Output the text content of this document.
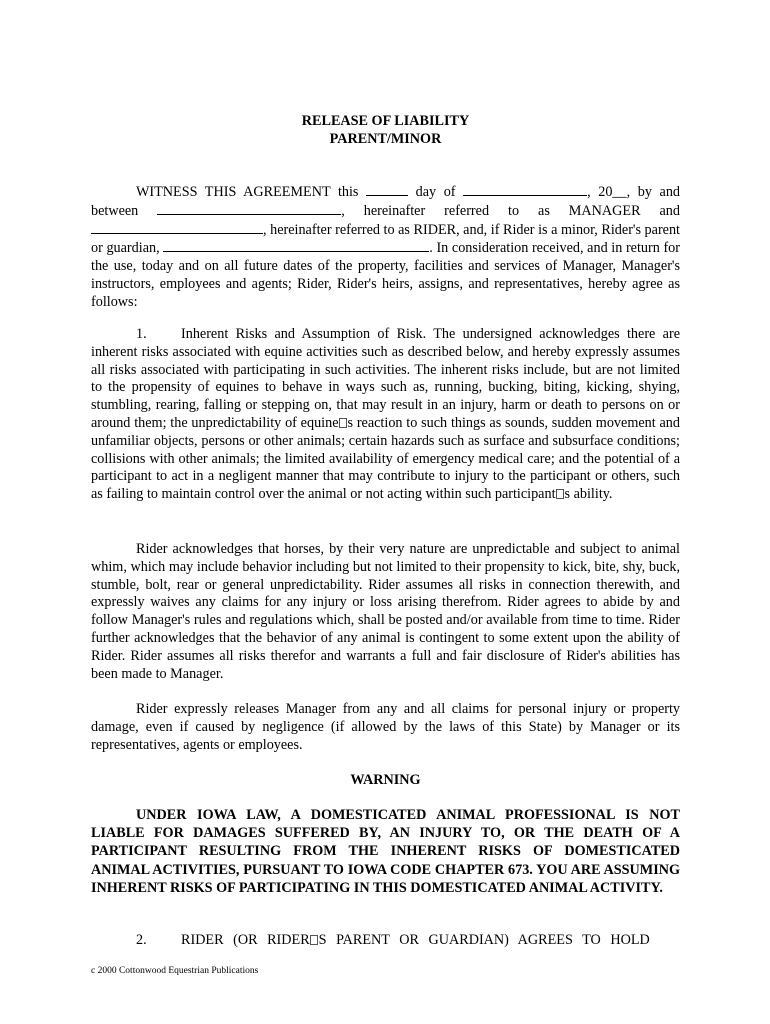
RELEASE OF LIABILITY
PARENT/MINOR

WITNESS THIS AGREEMENT this	day of	, 20__, by and between	, hereinafter referred to as MANAGER and , hereinafter referred to as RIDER, and, if Rider is a minor, Rider's parent or guardian,	. In consideration received, and in return for the use, today and on all future dates of the property, facilities and services of Manager, Manager's instructors, employees and agents; Rider, Rider's heirs, assigns, and representatives, hereby agree as follows:

1. Inherent Risks and Assumption of Risk. The undersigned acknowledges there are inherent risks associated with equine activities such as described below, and hereby expressly assumes all risks associated with participating in such activities. The inherent risks include, but are not limited to the propensity of equines to behave in ways such as, running, bucking, biting, kicking, shying, stumbling, rearing, falling or stepping on, that may result in an injury, harm or death to persons on or around them; the unpredictability of equine s reaction to such things as sounds, sudden movement and unfamiliar objects, persons or other animals; certain hazards such as surface and subsurface conditions; collisions with other animals; the limited availability of emergency medical care; and the potential of a participant to act in a negligent manner that may contribute to injury to the participant or others, such as failing to maintain control over the animal or not acting within such participant s ability.

Rider acknowledges that horses, by their very nature are unpredictable and subject to animal whim, which may include behavior including but not limited to their propensity to kick, bite, shy, buck, stumble, bolt, rear or general unpredictability. Rider assumes all risks in connection therewith, and expressly waives any claims for any injury or loss arising therefrom. Rider agrees to abide by and follow Manager's rules and regulations which, shall be posted and/or available from time to time. Rider further acknowledges that the behavior of any animal is contingent to some extent upon the ability of Rider. Rider assumes all risks therefor and warrants a full and fair disclosure of Rider's abilities has been made to Manager.

Rider expressly releases Manager from any and all claims for personal injury or property damage, even if caused by negligence (if allowed by the laws of this State) by Manager or its representatives, agents or employees.

WARNING

UNDER IOWA LAW, A DOMESTICATED ANIMAL PROFESSIONAL IS NOT LIABLE FOR DAMAGES SUFFERED BY, AN INJURY TO, OR THE DEATH OF A PARTICIPANT RESULTING FROM THE INHERENT RISKS OF DOMESTICATED ANIMAL ACTIVITIES, PURSUANT TO IOWA CODE CHAPTER 673. YOU ARE ASSUMING INHERENT RISKS OF PARTICIPATING IN THIS DOMESTICATED ANIMAL ACTIVITY.

2. RIDER (OR RIDER S PARENT OR GUARDIAN) AGREES TO HOLD

c 2000 Cottonwood Equestrian Publications
